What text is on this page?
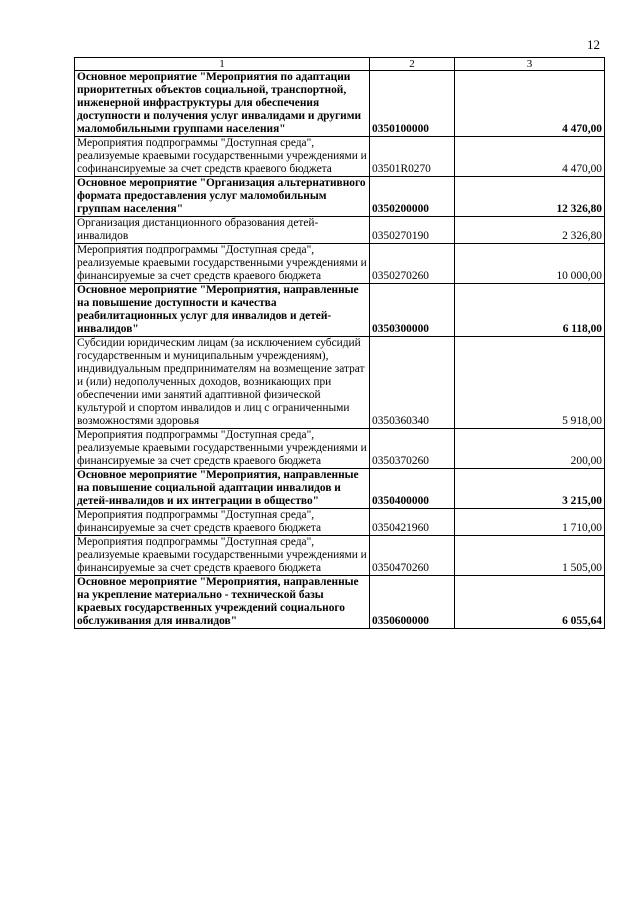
12
1	2	3
Основное мероприятие "Мероприятия по адаптации приоритетных объектов социальной, транспортной, инженерной инфраструктуры для обеспечения доступности и получения услуг инвалидами и другими маломобильными группами населения"	0350100000	4 470,00
Мероприятия подпрограммы "Доступная среда", реализуемые краевыми государственными учреждениями и софинансируемые за счет средств краевого бюджета	03501R0270	4 470,00
Основное мероприятие "Организация альтернативного формата предоставления услуг маломобильным группам населения"	0350200000	12 326,80
Организация дистанционного образования детей-инвалидов	0350270190	2 326,80
Мероприятия подпрограммы "Доступная среда", реализуемые краевыми государственными учреждениями и финансируемые за счет средств краевого бюджета	0350270260	10 000,00
Основное мероприятие "Мероприятия, направленные на повышение доступности и качества реабилитационных услуг для инвалидов и детей-инвалидов"	0350300000	6 118,00
Субсидии юридическим лицам (за исключением субсидий государственным и муниципальным учреждениям), индивидуальным предпринимателям на возмещение затрат и (или) недополученных доходов, возникающих при обеспечении ими занятий адаптивной физической культурой и спортом инвалидов и лиц с ограниченными возможностями здоровья	0350360340	5 918,00
Мероприятия подпрограммы "Доступная среда", реализуемые краевыми государственными учреждениями и финансируемые за счет средств краевого бюджета	0350370260	200,00
Основное мероприятие "Мероприятия, направленные на повышение социальной адаптации инвалидов и детей-инвалидов и их интеграции в общество"	0350400000	3 215,00
Мероприятия подпрограммы "Доступная среда", финансируемые за счет средств краевого бюджета	0350421960	1 710,00
Мероприятия подпрограммы "Доступная среда", реализуемые краевыми государственными учреждениями и финансируемые за счет средств краевого бюджета	0350470260	1 505,00
Основное мероприятие "Мероприятия, направленные на укрепление материально - технической базы краевых государственных учреждений социального обслуживания для инвалидов"	0350600000	6 055,64
